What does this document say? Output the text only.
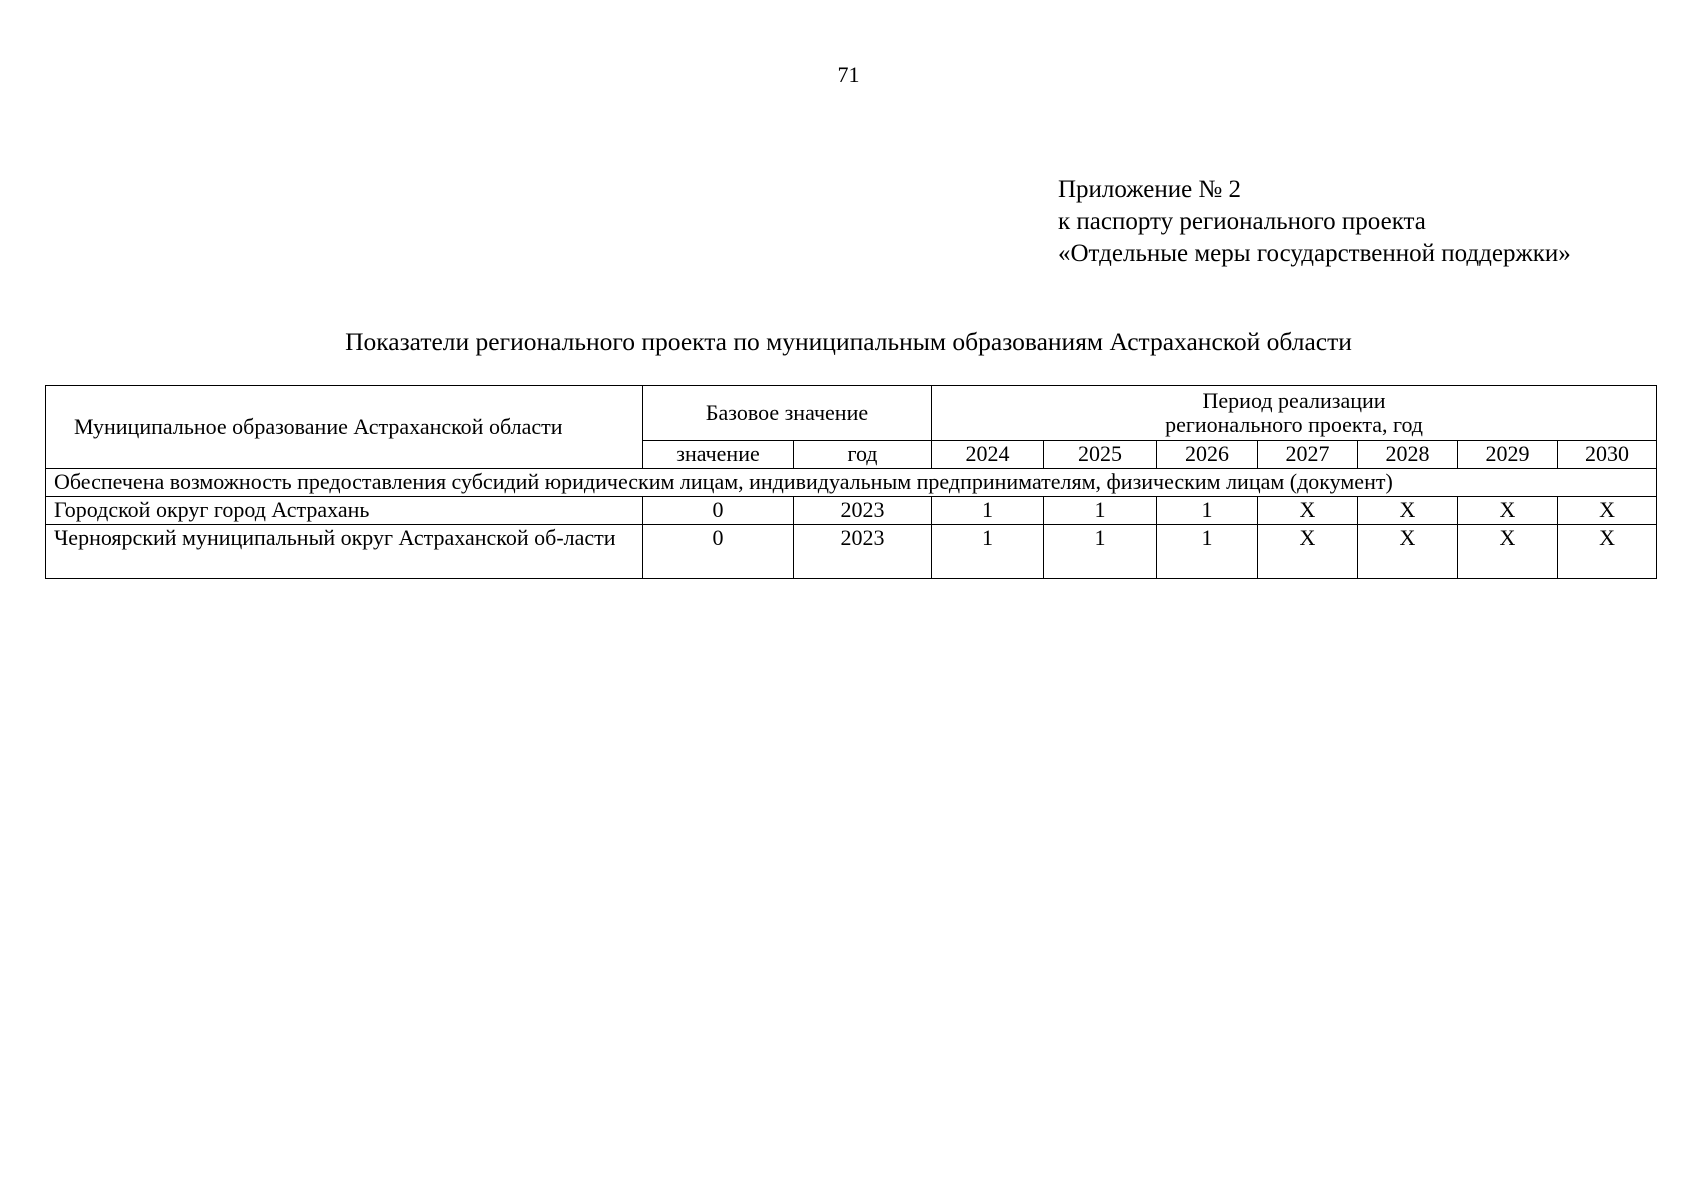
71
Приложение № 2
к паспорту регионального проекта
«Отдельные меры государственной поддержки»
Показатели регионального проекта по муниципальным образованиям Астраханской области
Муниципальное образование Астраханской области	Базовое значение		Период реализации
регионального проекта, год						

	значение	год	2024	2025	2026	2027	2028	2029	2030
Обеспечена возможность предоставления субсидий юридическим лицам, индивидуальным предпринимателям, физическим лицам (документ)									
Городской округ город Астрахань	0	2023	1	1	1	X	X	X	X
Черноярский муниципальный округ Астраханской об-ласти	0	2023	1	1	1	X	X	X	X
